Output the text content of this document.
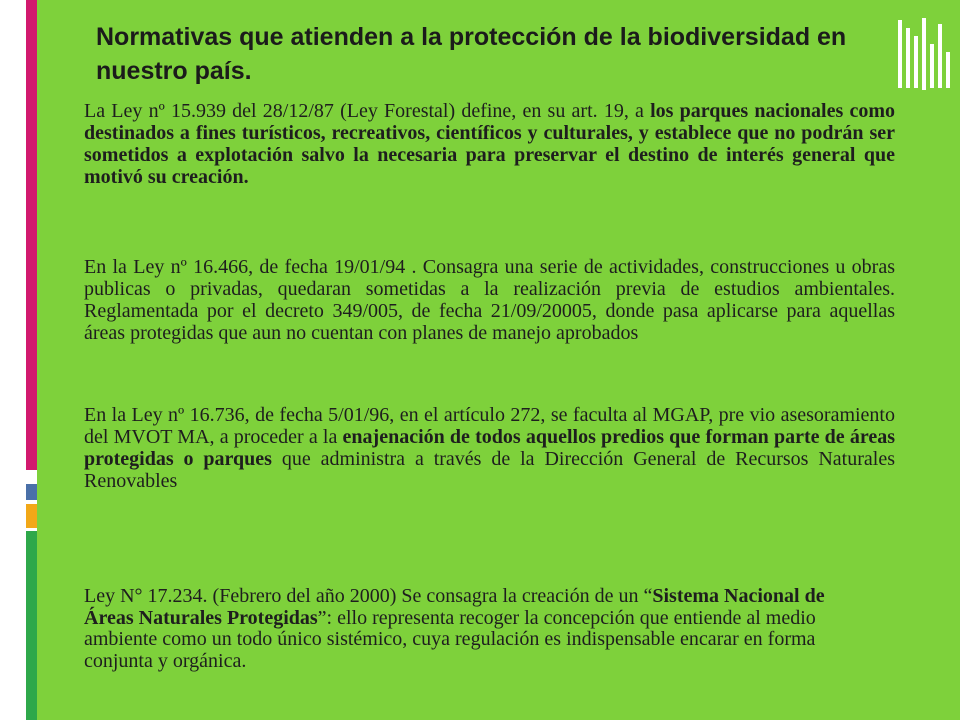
Normativas que atienden a la protección de la biodiversidad en nuestro país.

La Ley nº 15.939 del 28/12/87 (Ley Forestal) define, en su art. 19, a los parques nacionales como destinados a fines turísticos, recreativos, científicos y culturales, y establece que no podrán ser sometidos a explotación salvo la necesaria para preservar el destino de interés general que motivó su creación.

En la Ley nº 16.466, de fecha 19/01/94 . Consagra una serie de actividades, construcciones u obras publicas o privadas, quedaran sometidas a la realización previa de estudios ambientales. Reglamentada por el decreto 349/005, de fecha 21/09/20005, donde pasa aplicarse para aquellas áreas protegidas que aun no cuentan con planes de manejo aprobados

En la Ley nº 16.736, de fecha 5/01/96, en el artículo 272, se faculta al MGAP, pre vio asesoramiento del MVOT MA, a proceder a la enajenación de todos aquellos predios que forman parte de áreas protegidas o parques que administra a través de la Dirección General de Recursos Naturales Renovables

Ley N° 17.234. (Febrero del año 2000) Se consagra la creación de un “Sistema Nacional de Áreas Naturales Protegidas”: ello representa recoger la concepción que entiende al medio ambiente como un todo único sistémico, cuya regulación es indispensable encarar en forma conjunta y orgánica.
